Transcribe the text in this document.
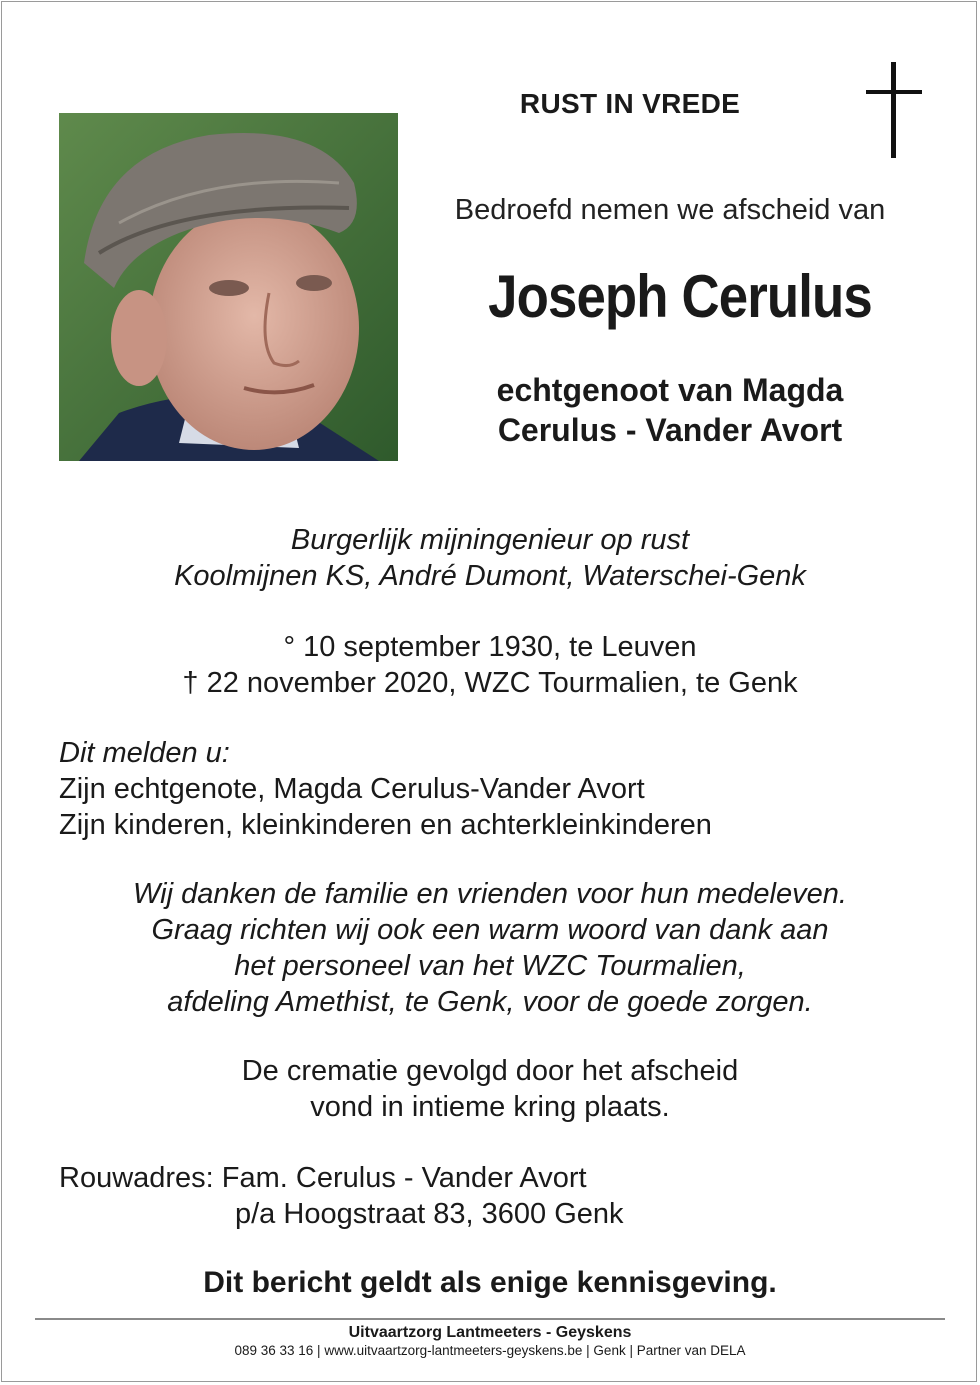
RUST IN VREDE
Bedroefd nemen we afscheid van
Joseph Cerulus
echtgenoot van Magda
Cerulus - Vander Avort
Burgerlijk mijningenieur op rust
Koolmijnen KS, André Dumont, Waterschei-Genk
° 10 september 1930, te Leuven
† 22 november 2020, WZC Tourmalien, te Genk
Dit melden u:
Zijn echtgenote, Magda Cerulus-Vander Avort
Zijn kinderen, kleinkinderen en achterkleinkinderen
Wij danken de familie en vrienden voor hun medeleven.
Graag richten wij ook een warm woord van dank aan
het personeel van het WZC Tourmalien,
afdeling Amethist, te Genk, voor de goede zorgen.
De crematie gevolgd door het afscheid
vond in intieme kring plaats.
Rouwadres: Fam. Cerulus - Vander Avort
p/a Hoogstraat 83, 3600 Genk
Dit bericht geldt als enige kennisgeving.
Uitvaartzorg Lantmeeters - Geyskens
089 36 33 16 | www.uitvaartzorg-lantmeeters-geyskens.be | Genk | Partner van DELA
